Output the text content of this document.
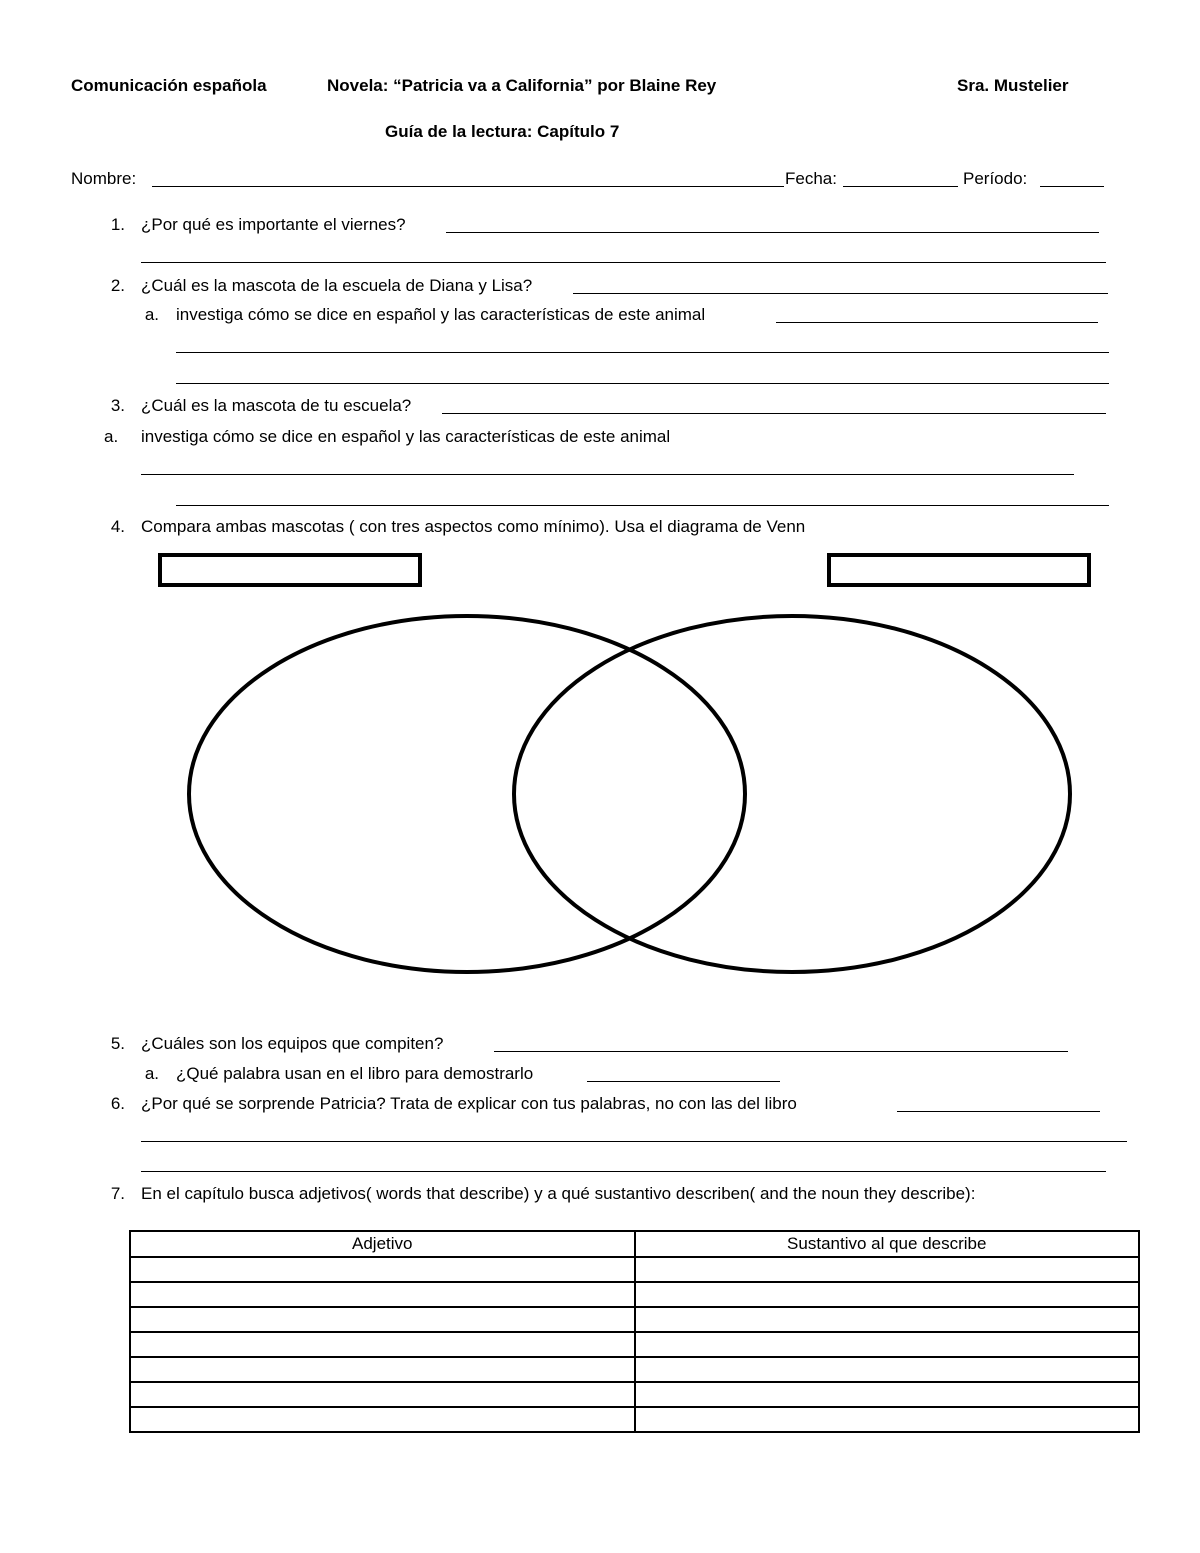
Comunicación española	Novela: “Patricia va a California” por Blaine Rey	Sra. Mustelier
Guía de la lectura: Capítulo 7
Nombre:	Fecha:	Período:
1. ¿Por qué es importante el viernes?
2. ¿Cuál es la mascota de la escuela de Diana y Lisa?
a. investiga cómo se dice en español y las características de este animal
3. ¿Cuál es la mascota de tu escuela?
a. investiga cómo se dice en español y las características de este animal
4. Compara ambas mascotas ( con tres aspectos como mínimo). Usa el diagrama de Venn
5. ¿Cuáles son los equipos que compiten?
a. ¿Qué palabra usan en el libro para demostrarlo
6. ¿Por qué se sorprende Patricia? Trata de explicar con tus palabras, no con las del libro
7. En el capítulo busca adjetivos( words that describe) y a qué sustantivo describen( and the noun they describe):
Adjetivo	Sustantivo al que describe
